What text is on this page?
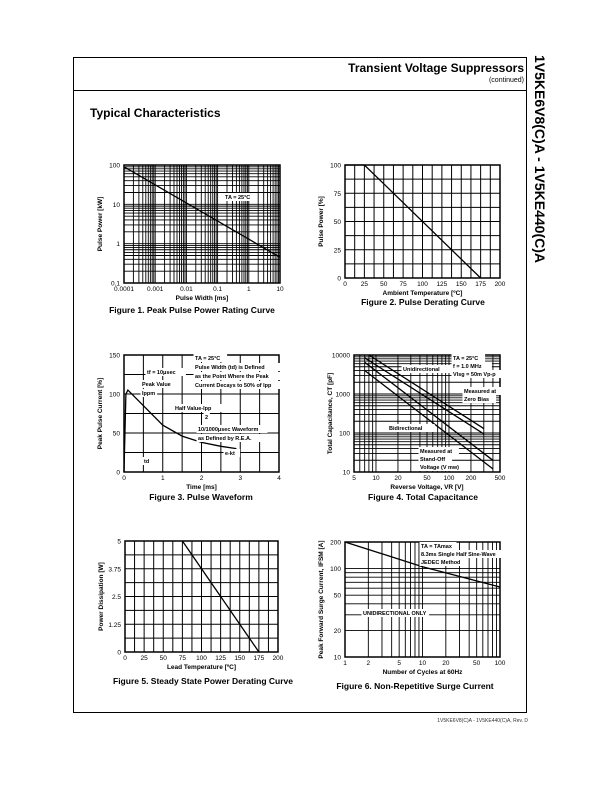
Transient Voltage Suppressors
(continued)
Typical Characteristics	1V5KE6V8(C)A - 1V5KE440(C)A
Figure 1. Peak Pulse Power Rating Curve
Figure 2. Pulse Derating Curve
Figure 3. Pulse Waveform	Figure 4. Total Capacitance
Figure 5. Steady State Power Derating Curve	Figure 6. Non-Repetitive Surge Current
1V5KE6V8(C)A - 1V5KE440(C)A, Rev. D
0.0001 0.001	0.01	0.1	1	10
0.1
1
10
100
Pulse Width [ms]
Pulse Power [kW]	TA = 25°C
0 25 50 75 100 125 150 175 200
0
25
50
75
100
Ambient Temperature [ºC]
Pulse Power [%]
0	1	2	3	4
0
50
100
150
Time [ms]
Peak Pulse Current [%]
TA = 25°C
Pulse Width (td) is Defined
as the Point Where the Peak
Current Decays to 50% of Ipp
tf = 10μsec
Peak Value
Ippm
Half Value-Ipp
2
10/1000μsec Waveform
as Defined by R.E.A.
e-kt
td
5	10 20	50 100 200	500
10
100
1000
10000
Reverse Voltage, VR [V]
Total Capacitance, CT [pF]
TA = 25°C
f = 1.0 MHz
Vlsg = 50m Vp-p
Unidirectional
Measured at
Zero Bias
Bidirectional
Measured at
Stand-Off
Voltage (V mw)
0 25 50 75 100 125 150 175 200
0
1.25
2.5
3.75
5
Lead Temperature [ºC]
Power Dissipation [W]
1	2	5	10 20	50 100
10
20
50
100
200
Number of Cycles at 60Hz
Peak Forward Surge Current, IFSM [A]	TA = TAmax
8.3ms Single Half Sine-Wave
JEDEC Method
UNIDIRECTIONAL ONLY
